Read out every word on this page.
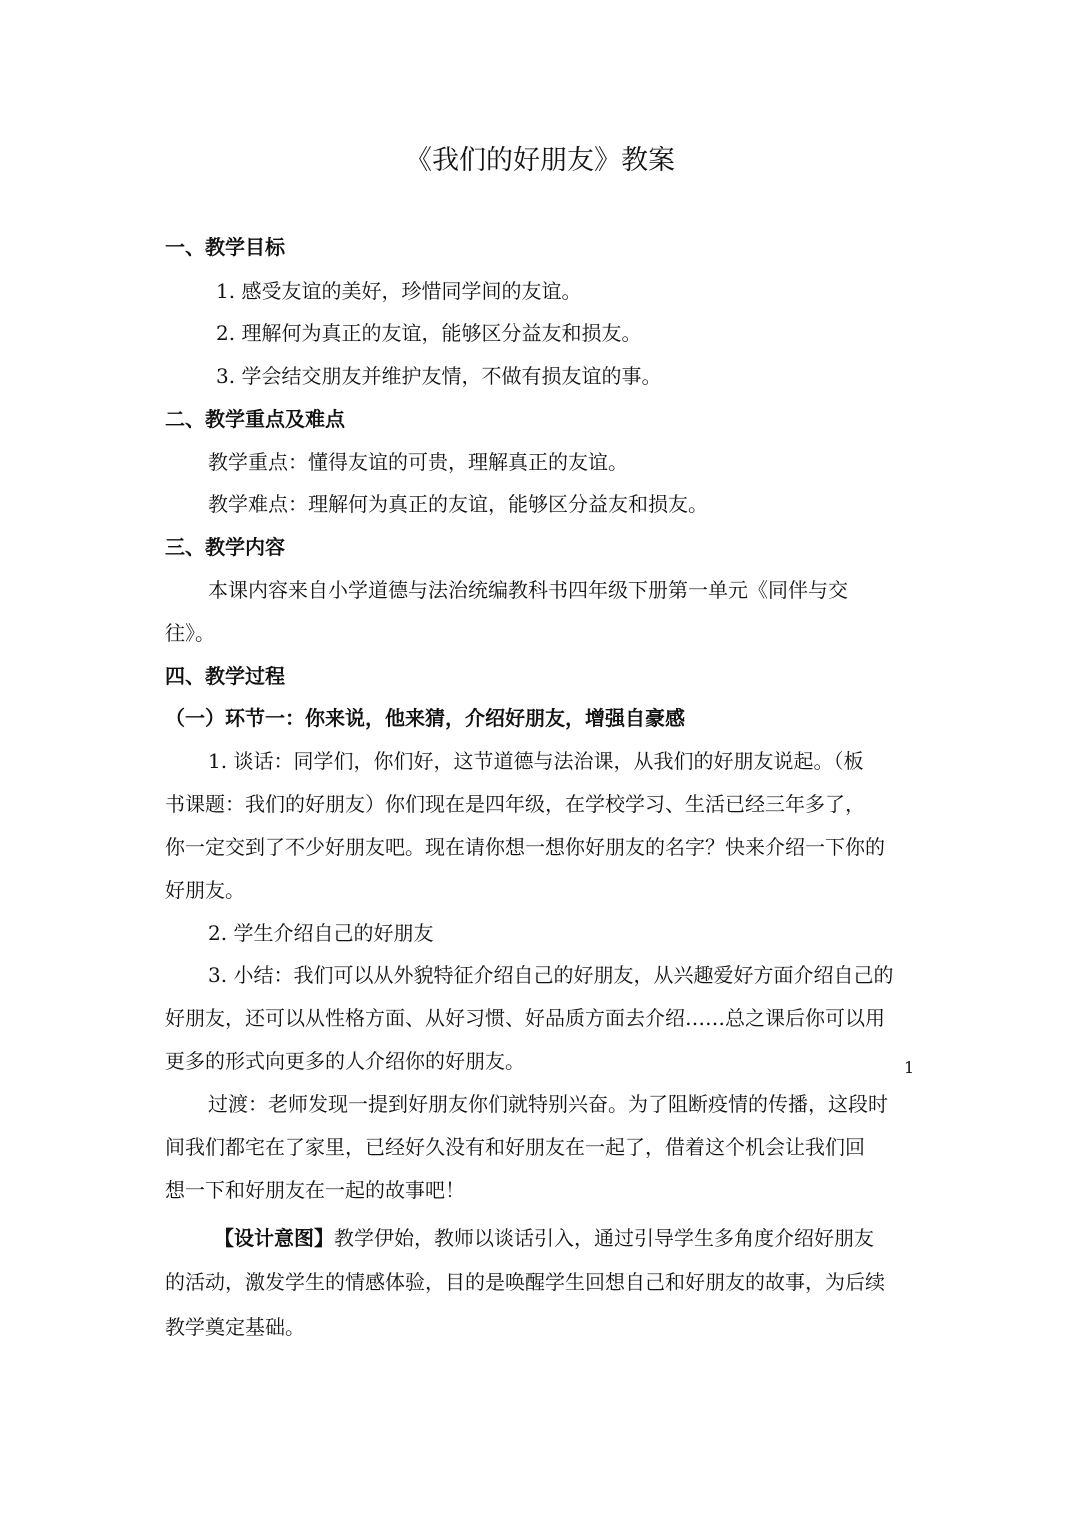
《我们的好朋友》教案
一、教学目标
1. 感受友谊的美好，珍惜同学间的友谊。
2. 理解何为真正的友谊，能够区分益友和损友。
3. 学会结交朋友并维护友情，不做有损友谊的事。
二、教学重点及难点
教学重点：懂得友谊的可贵，理解真正的友谊。
教学难点：理解何为真正的友谊，能够区分益友和损友。
三、教学内容
本课内容来自小学道德与法治统编教科书四年级下册第一单元《同伴与交
往》。
四、教学过程
（一）环节一：你来说，他来猜，介绍好朋友，增强自豪感
1. 谈话：同学们，你们好，这节道德与法治课，从我们的好朋友说起。（板
书课题：我们的好朋友）你们现在是四年级，在学校学习、生活已经三年多了，
你一定交到了不少好朋友吧。现在请你想一想你好朋友的名字？快来介绍一下你的
好朋友。
2. 学生介绍自己的好朋友
3. 小结：我们可以从外貌特征介绍自己的好朋友，从兴趣爱好方面介绍自己的
好朋友，还可以从性格方面、从好习惯、好品质方面去介绍……总之课后你可以用
更多的形式向更多的人介绍你的好朋友。
过渡：老师发现一提到好朋友你们就特别兴奋。为了阻断疫情的传播，这段时
间我们都宅在了家里，已经好久没有和好朋友在一起了，借着这个机会让我们回
想一下和好朋友在一起的故事吧！
【设计意图】教学伊始，教师以谈话引入，通过引导学生多角度介绍好朋友
的活动，激发学生的情感体验，目的是唤醒学生回想自己和好朋友的故事，为后续
教学奠定基础。
1
